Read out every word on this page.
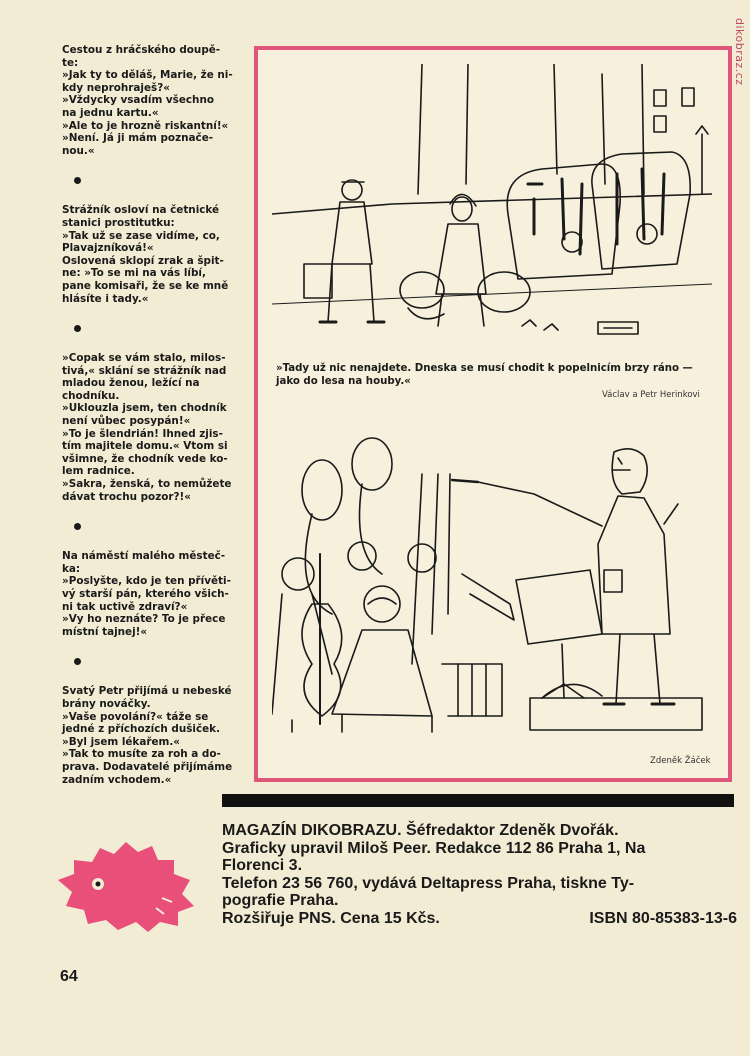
dikobraz.cz
Cestou z hráčského doupě-
te:
»Jak ty to děláš, Marie, že ni-
kdy neprohraješ?«
»Vždycky vsadím všechno
na jednu kartu.«
»Ale to je hrozně riskantní!«
»Není. Já ji mám poznače-
nou.«
Strážník osloví na četnické
stanici prostitutku:
»Tak už se zase vidíme, co,
Plavajzníková!«
Oslovená sklopí zrak a špit-
ne: »To se mi na vás líbí,
pane komisaři, že se ke mně
hlásíte i tady.«
»Copak se vám stalo, milos-
tivá,« sklání se strážník nad
mladou ženou, ležící na
chodníku.
»Uklouzla jsem, ten chodník
není vůbec posypán!«
»To je šlendrián! Ihned zjis-
tím majitele domu.« Vtom si
všimne, že chodník vede ko-
lem radnice.
»Sakra, ženská, to nemůžete
dávat trochu pozor?!«
Na náměstí malého městeč-
ka:
»Poslyšte, kdo je ten přívěti-
vý starší pán, kterého všich-
ni tak uctivě zdraví?«
»Vy ho neznáte? To je přece
místní tajnej!«
Svatý Petr přijímá u nebeské
brány nováčky.
»Vaše povolání?« táže se
jedné z příchozích dušiček.
»Byl jsem lékařem.«
»Tak to musíte za roh a do-
prava. Dodavatelé přijímáme
zadním vchodem.«
»Tady už nic nenajdete. Dneska se musí chodit k popelnicím brzy ráno — jako do lesa na houby.«
Václav a Petr Herinkovi
Zdeněk Žáček
MAGAZÍN DIKOBRAZU. Šéfredaktor Zdeněk Dvořák.
Graficky upravil Miloš Peer. Redakce 112 86 Praha 1, Na
Florenci 3.
Telefon 23 56 760, vydává Deltapress Praha, tiskne Ty-
pografie Praha.
Rozšiřuje PNS. Cena 15 Kčs.	ISBN 80-85383-13-6
64
